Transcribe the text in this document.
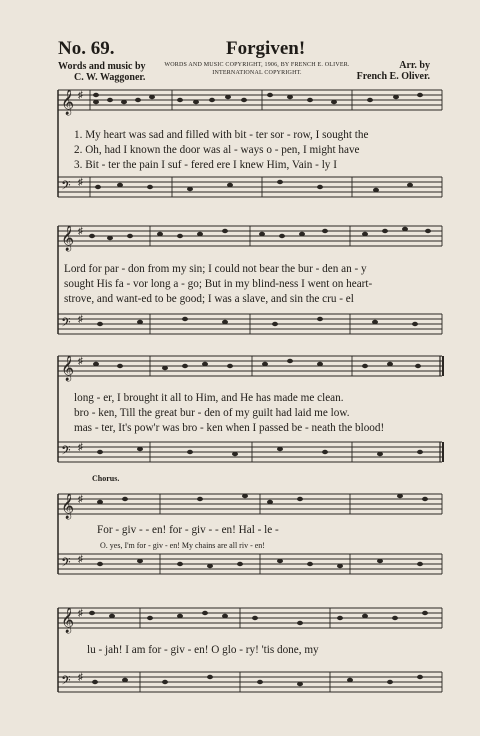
No. 69.	Forgiven!
Words and music by
C. W. Waggoner.
WORDS AND MUSIC COPYRIGHT, 1906, BY FRENCH E. OLIVER.
INTERNATIONAL COPYRIGHT.
Arr. by
French E. Oliver.
𝄞
𝄢
♯
♯
1. My heart was sad and filled with bit - ter sor - row, I sought the
2. Oh, had I known the door was al - ways o - pen, I might have
3. Bit - ter the pain I suf - fered ere I knew Him, Vain - ly I
𝄞
𝄢
♯
♯
Lord for par - don from my sin; I could not bear the bur - den an - y
sought His fa - vor long a - go; But in my blind-ness I went on heart-
strove, and want-ed to be good; I was a slave, and sin the cru - el
𝄞
𝄢
♯
♯
long - er, I brought it all to Him, and He has made me clean.
bro - ken, Till the great bur - den of my guilt had laid me low.
mas - ter, It's pow'r was bro - ken when I passed be - neath the blood!
Chorus.
𝄞
𝄢
♯
♯
For - giv - - en! for - giv - - en! Hal - le -
O. yes, I'm for - giv - en! My chains are all riv - en!
𝄞
𝄢
♯
♯
lu - jah! I am for - giv - en! O glo - ry! 'tis done, my
